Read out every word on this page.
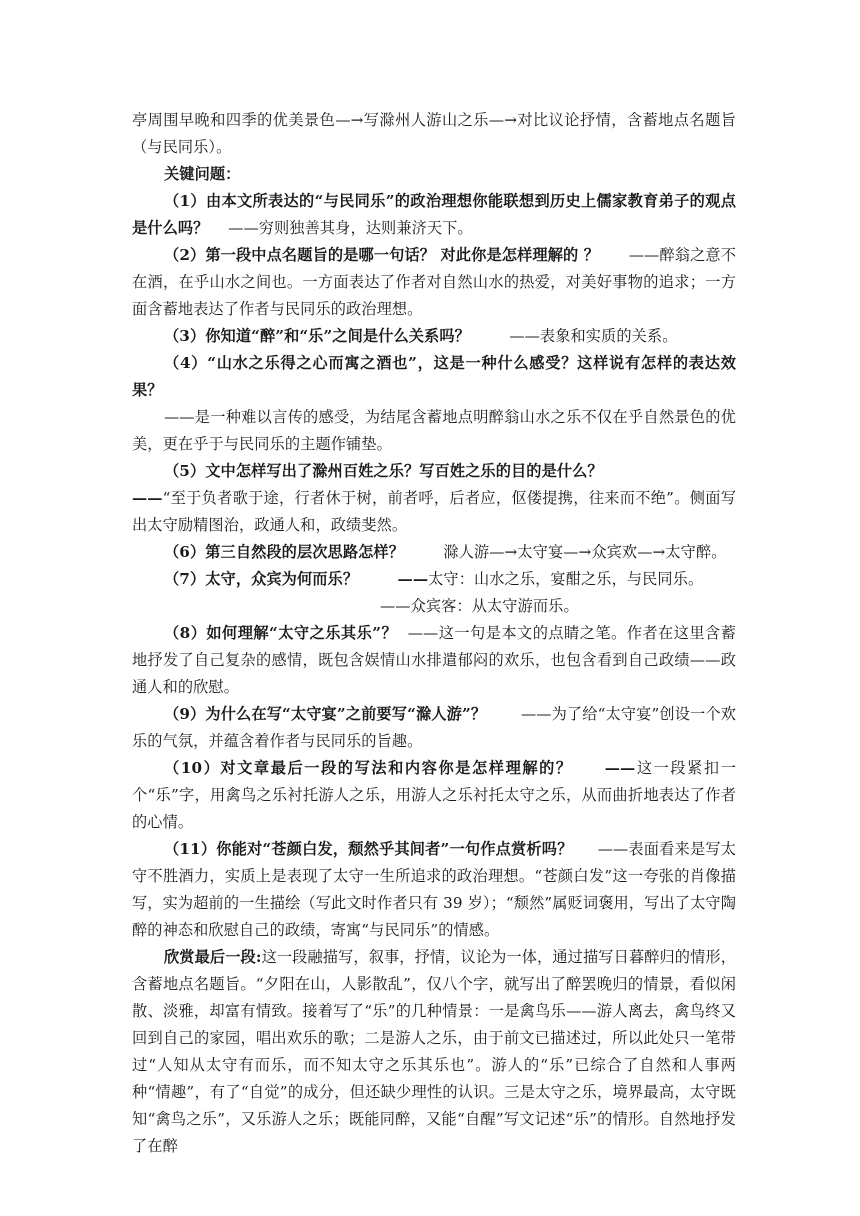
亭周围早晚和四季的优美景色—→写滁州人游山之乐—→对比议论抒情，含蓄地点名题旨（与民同乐）。

关键问题：

（1）由本文所表达的“与民同乐”的政治理想你能联想到历史上儒家教育弟子的观点是什么吗？ ——穷则独善其身，达则兼济天下。

（2）第一段中点名题旨的是哪一句话？ 对此你是怎样理解的 ？ ——醉翁之意不在酒，在乎山水之间也。一方面表达了作者对自然山水的热爱，对美好事物的追求；一方面含蓄地表达了作者与民同乐的政治理想。

（3）你知道“醉”和“乐”之间是什么关系吗？	——表象和实质的关系。

（4）“山水之乐得之心而寓之酒也”，这是一种什么感受？这样说有怎样的表达效果？

——是一种难以言传的感受，为结尾含蓄地点明醉翁山水之乐不仅在乎自然景色的优美，更在乎于与民同乐的主题作铺垫。

（5）文中怎样写出了滁州百姓之乐？写百姓之乐的目的是什么？

——“至于负者歌于途，行者休于树，前者呼，后者应，伛偻提携，往来而不绝”。侧面写出太守励精图治，政通人和，政绩斐然。

（6）第三自然段的层次思路怎样？	滁人游—→太守宴—→众宾欢—→太守醉。

（7）太守，众宾为何而乐？	——太守：山水之乐，宴酣之乐，与民同乐。

——众宾客：从太守游而乐。

（8）如何理解“太守之乐其乐”？ ——这一句是本文的点睛之笔。作者在这里含蓄地抒发了自己复杂的感情，既包含娱情山水排遣郁闷的欢乐，也包含看到自己政绩——政通人和的欣慰。

（9）为什么在写“太守宴”之前要写“滁人游”？ ——为了给“太守宴”创设一个欢乐的气氛，并蕴含着作者与民同乐的旨趣。

（10）对文章最后一段的写法和内容你是怎样理解的？ ——这一段紧扣一个“乐”字，用禽鸟之乐衬托游人之乐，用游人之乐衬托太守之乐，从而曲折地表达了作者的心情。

（11）你能对“苍颜白发，颓然乎其间者”一句作点赏析吗？ ——表面看来是写太守不胜酒力，实质上是表现了太守一生所追求的政治理想。“苍颜白发”这一夸张的肖像描写，实为超前的一生描绘（写此文时作者只有 39 岁）；“颓然”属贬词褒用，写出了太守陶醉的神态和欣慰自己的政绩，寄寓“与民同乐”的情感。

欣赏最后一段:这一段融描写，叙事，抒情，议论为一体，通过描写日暮醉归的情形，含蓄地点名题旨。“夕阳在山，人影散乱”，仅八个字，就写出了醉罢晚归的情景，看似闲散、淡雅，却富有情致。接着写了“乐”的几种情景：一是禽鸟乐——游人离去，禽鸟终又回到自己的家园，唱出欢乐的歌；二是游人之乐，由于前文已描述过，所以此处只一笔带过“人知从太守有而乐，而不知太守之乐其乐也”。游人的“乐”已综合了自然和人事两种“情趣”，有了“自觉”的成分，但还缺少理性的认识。三是太守之乐，境界最高，太守既知“禽鸟之乐”，又乐游人之乐；既能同醉，又能“自醒”写文记述“乐”的情形。自然地抒发了在醉
